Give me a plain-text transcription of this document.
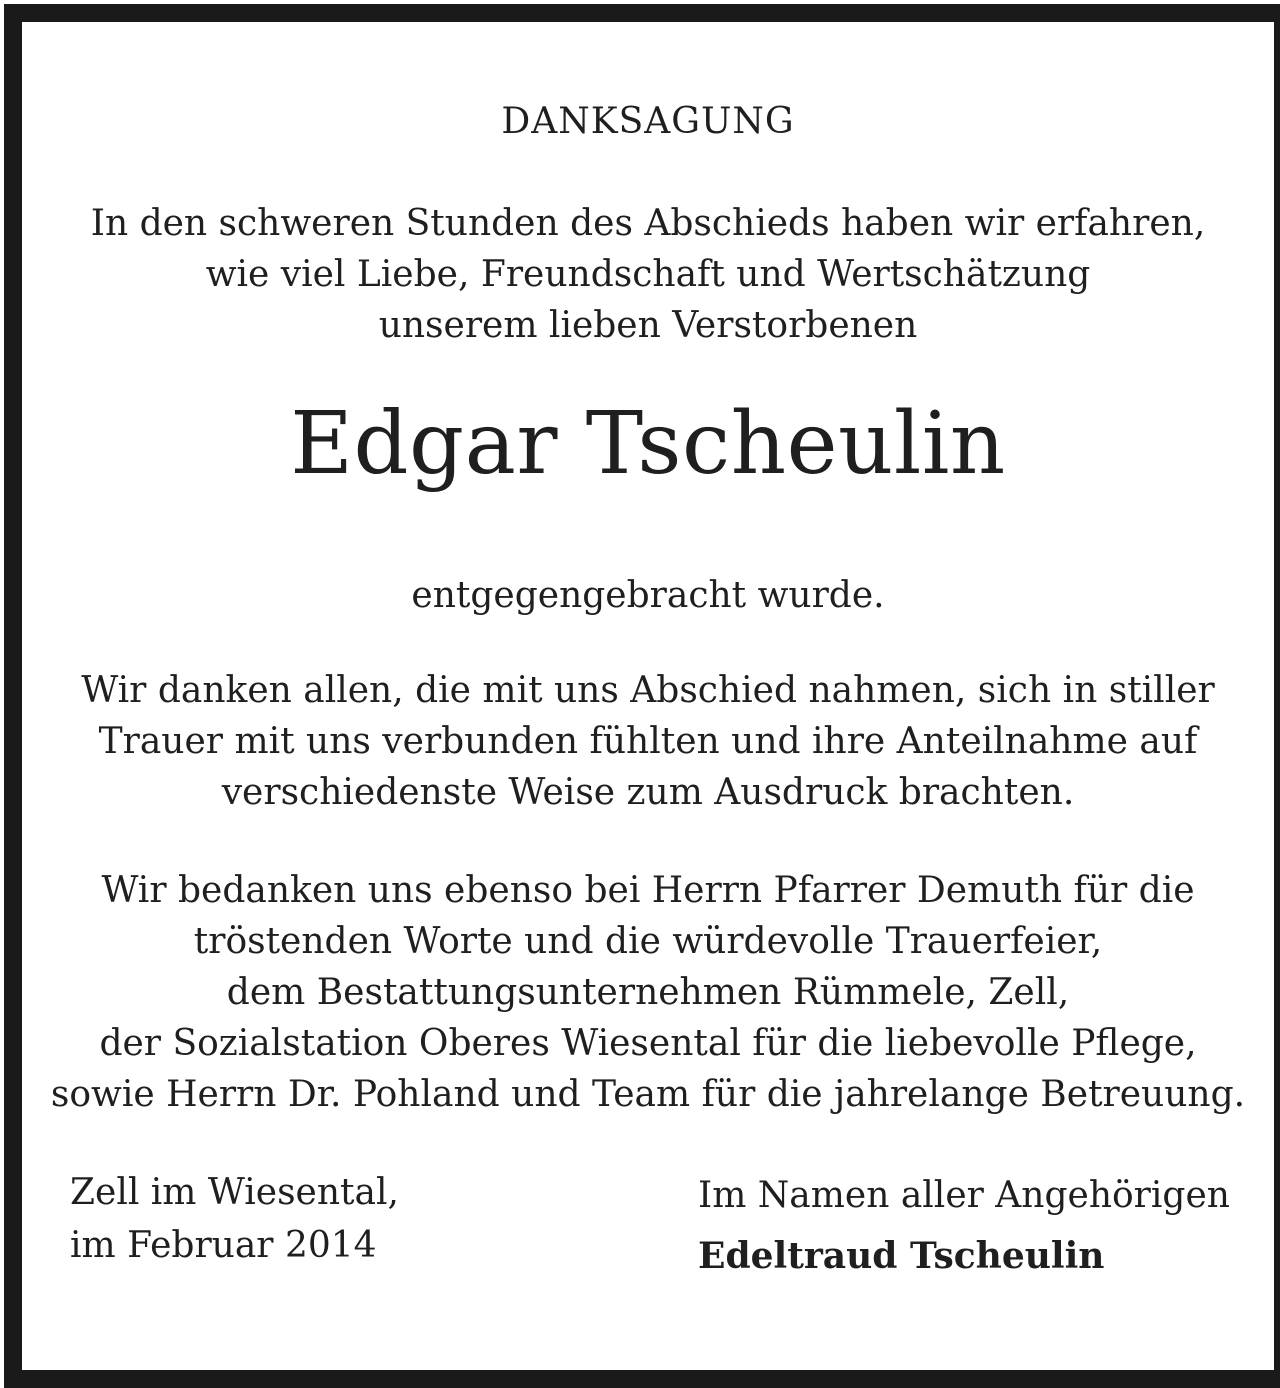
DANKSAGUNG
In den schweren Stunden des Abschieds haben wir erfahren,
wie viel Liebe, Freundschaft und Wertschätzung
unserem lieben Verstorbenen
Edgar Tscheulin
entgegengebracht wurde.
Wir danken allen, die mit uns Abschied nahmen, sich in stiller
Trauer mit uns verbunden fühlten und ihre Anteilnahme auf
verschiedenste Weise zum Ausdruck brachten.
Wir bedanken uns ebenso bei Herrn Pfarrer Demuth für die
tröstenden Worte und die würdevolle Trauerfeier,
dem Bestattungsunternehmen Rümmele, Zell,
der Sozialstation Oberes Wiesental für die liebevolle Pflege,
sowie Herrn Dr. Pohland und Team für die jahrelange Betreuung.
Zell im Wiesental,
im Februar 2014
Im Namen aller Angehörigen
Edeltraud Tscheulin
